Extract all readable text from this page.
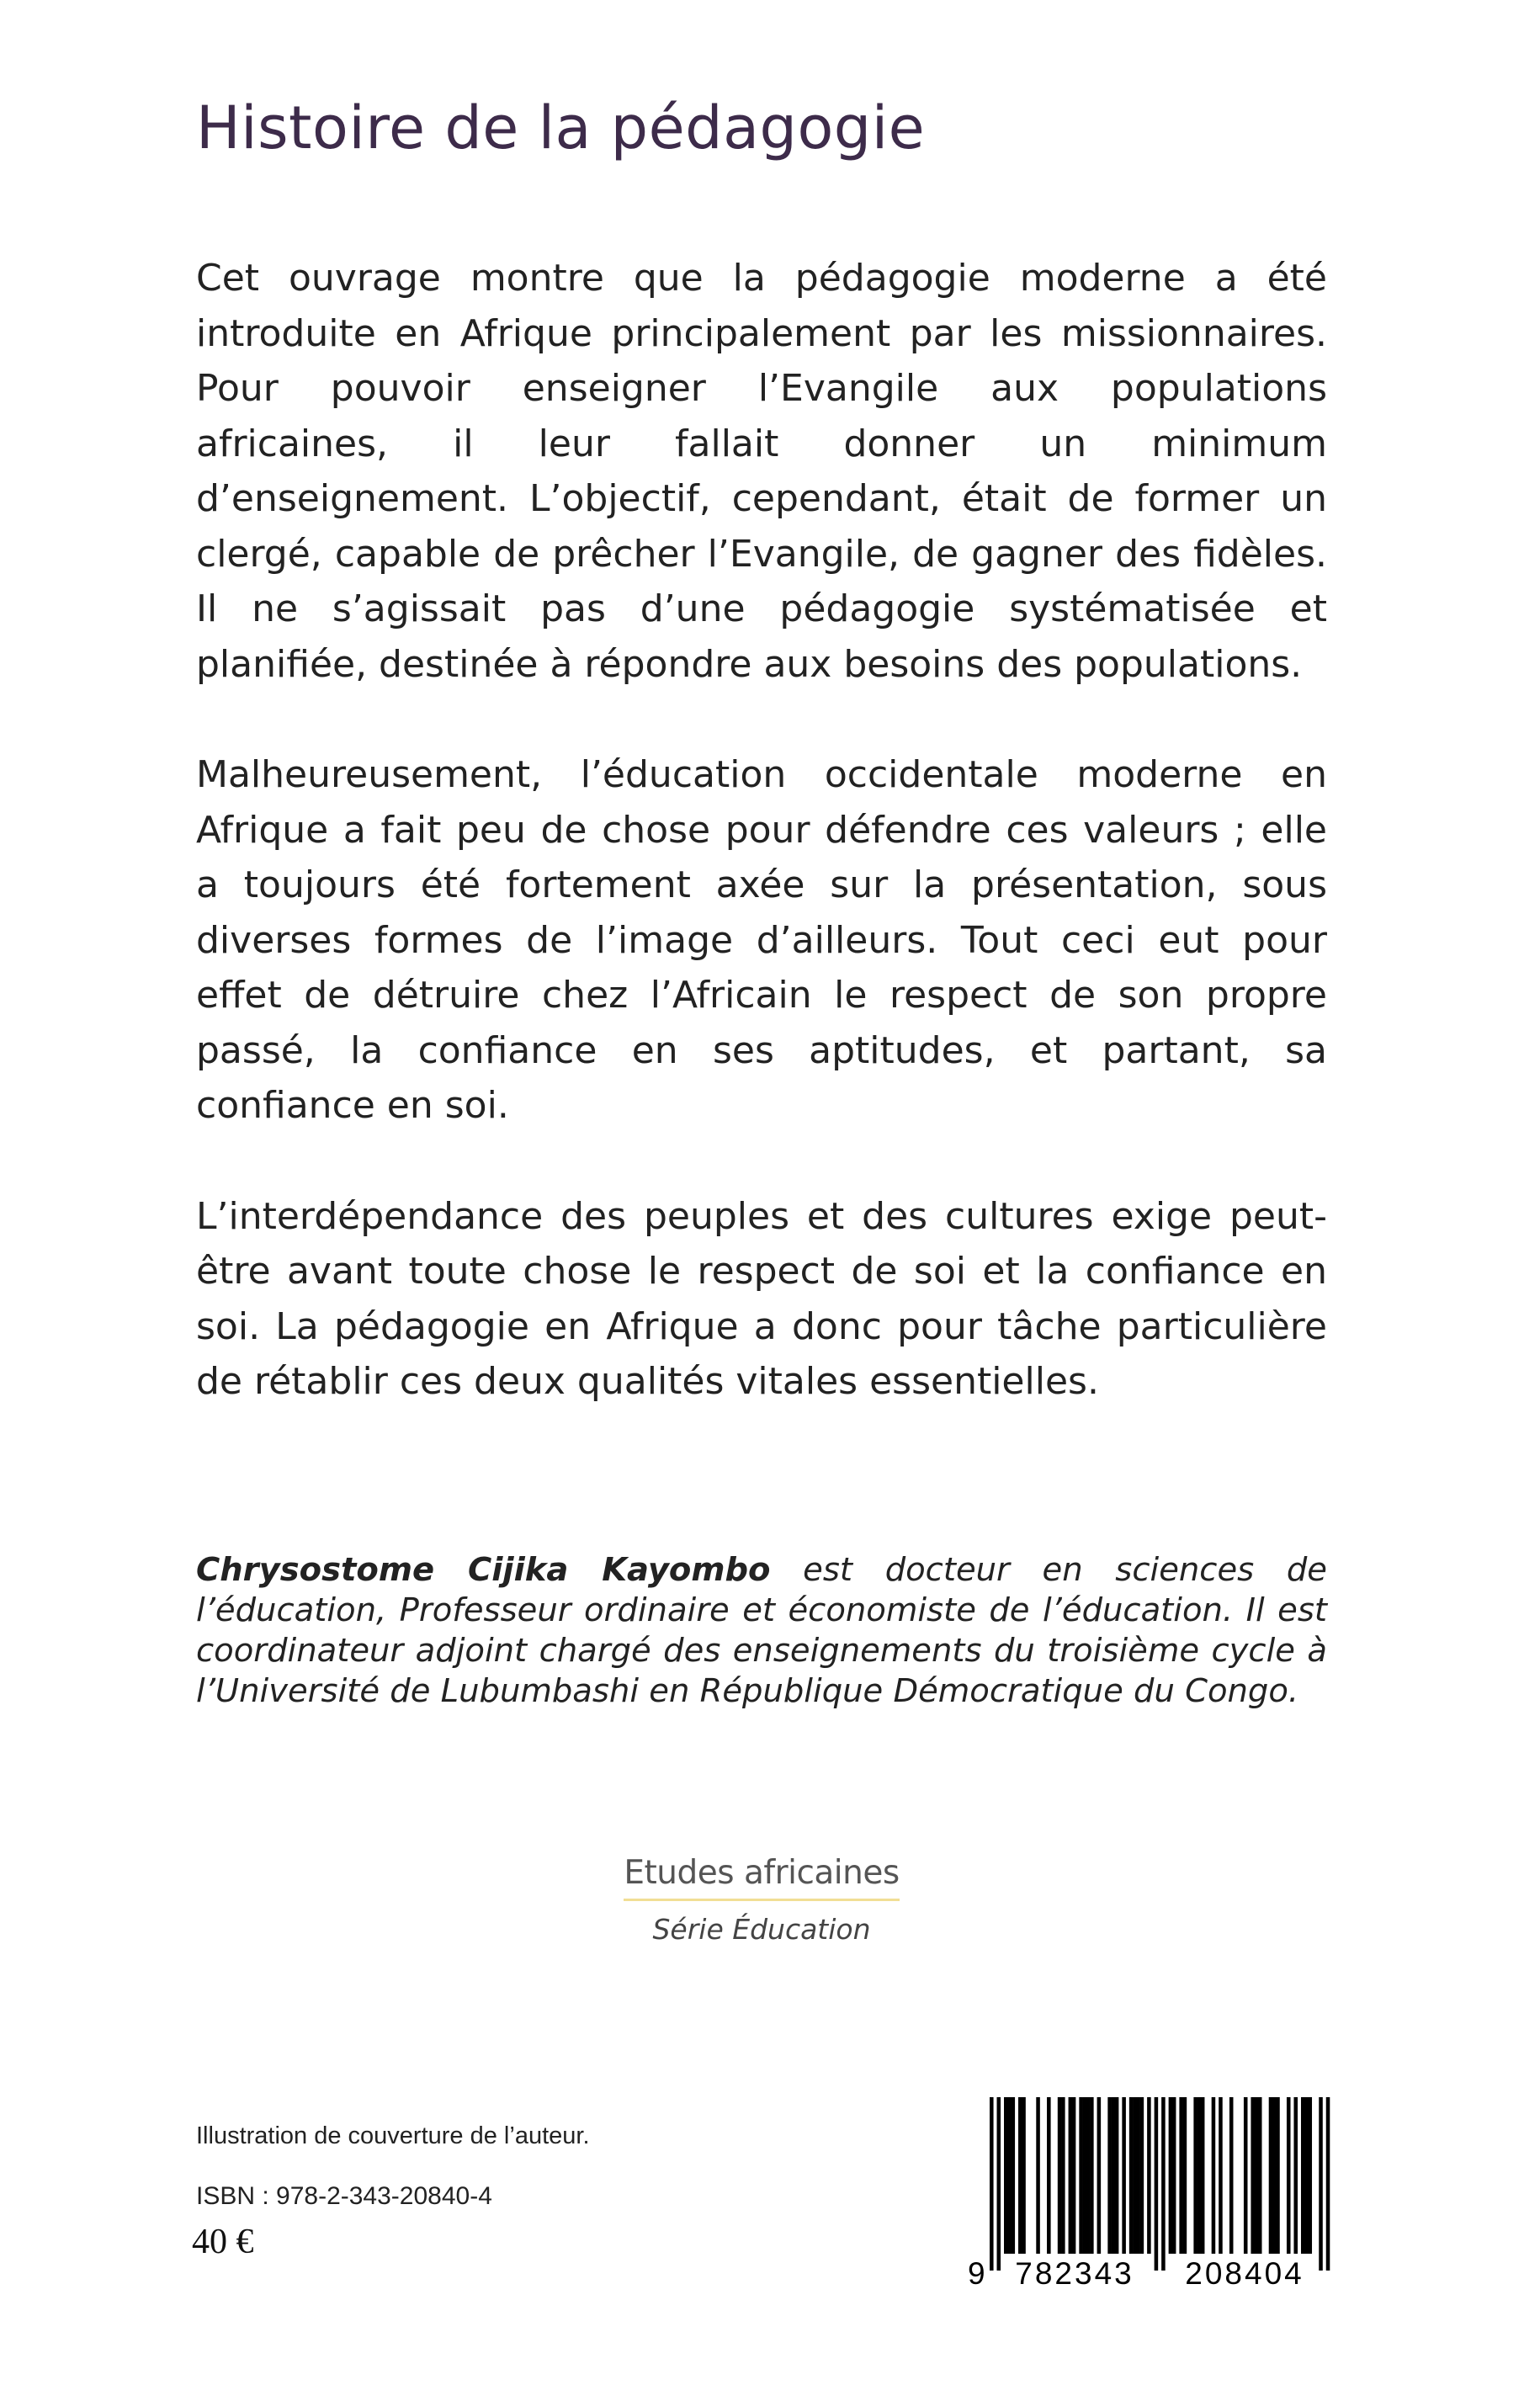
Histoire de la pédagogie

Cet ouvrage montre que la pédagogie moderne a été introduite en Afrique principalement par les missionnaires. Pour pouvoir enseigner l’Evangile aux populations africaines, il leur fallait donner un minimum d’enseignement. L’objectif, cependant, était de former un clergé, capable de prêcher l’Evangile, de gagner des fidèles. Il ne s’agissait pas d’une pédagogie systématisée et planifiée, destinée à répondre aux besoins des populations.

Malheureusement, l’éducation occidentale moderne en Afrique a fait peu de chose pour défendre ces valeurs ; elle a toujours été fortement axée sur la présentation, sous diverses formes de l’image d’ailleurs. Tout ceci eut pour effet de détruire chez l’Africain le respect de son propre passé, la confiance en ses aptitudes, et partant, sa confiance en soi.

L’interdépendance des peuples et des cultures exige peut-être avant toute chose le respect de soi et la confiance en soi. La pédagogie en Afrique a donc pour tâche particulière de rétablir ces deux qualités vitales essentielles.

Chrysostome Cijika Kayombo est docteur en sciences de l’éducation, Professeur ordinaire et économiste de l’éducation. Il est coordinateur adjoint chargé des enseignements du troisième cycle à l’Université de Lubumbashi en République Démocratique du Congo.

Etudes africaines
Série Éducation
Illustration de couverture de l’auteur.
ISBN : 978-2-343-20840-4
40 €
9 782343	208404
